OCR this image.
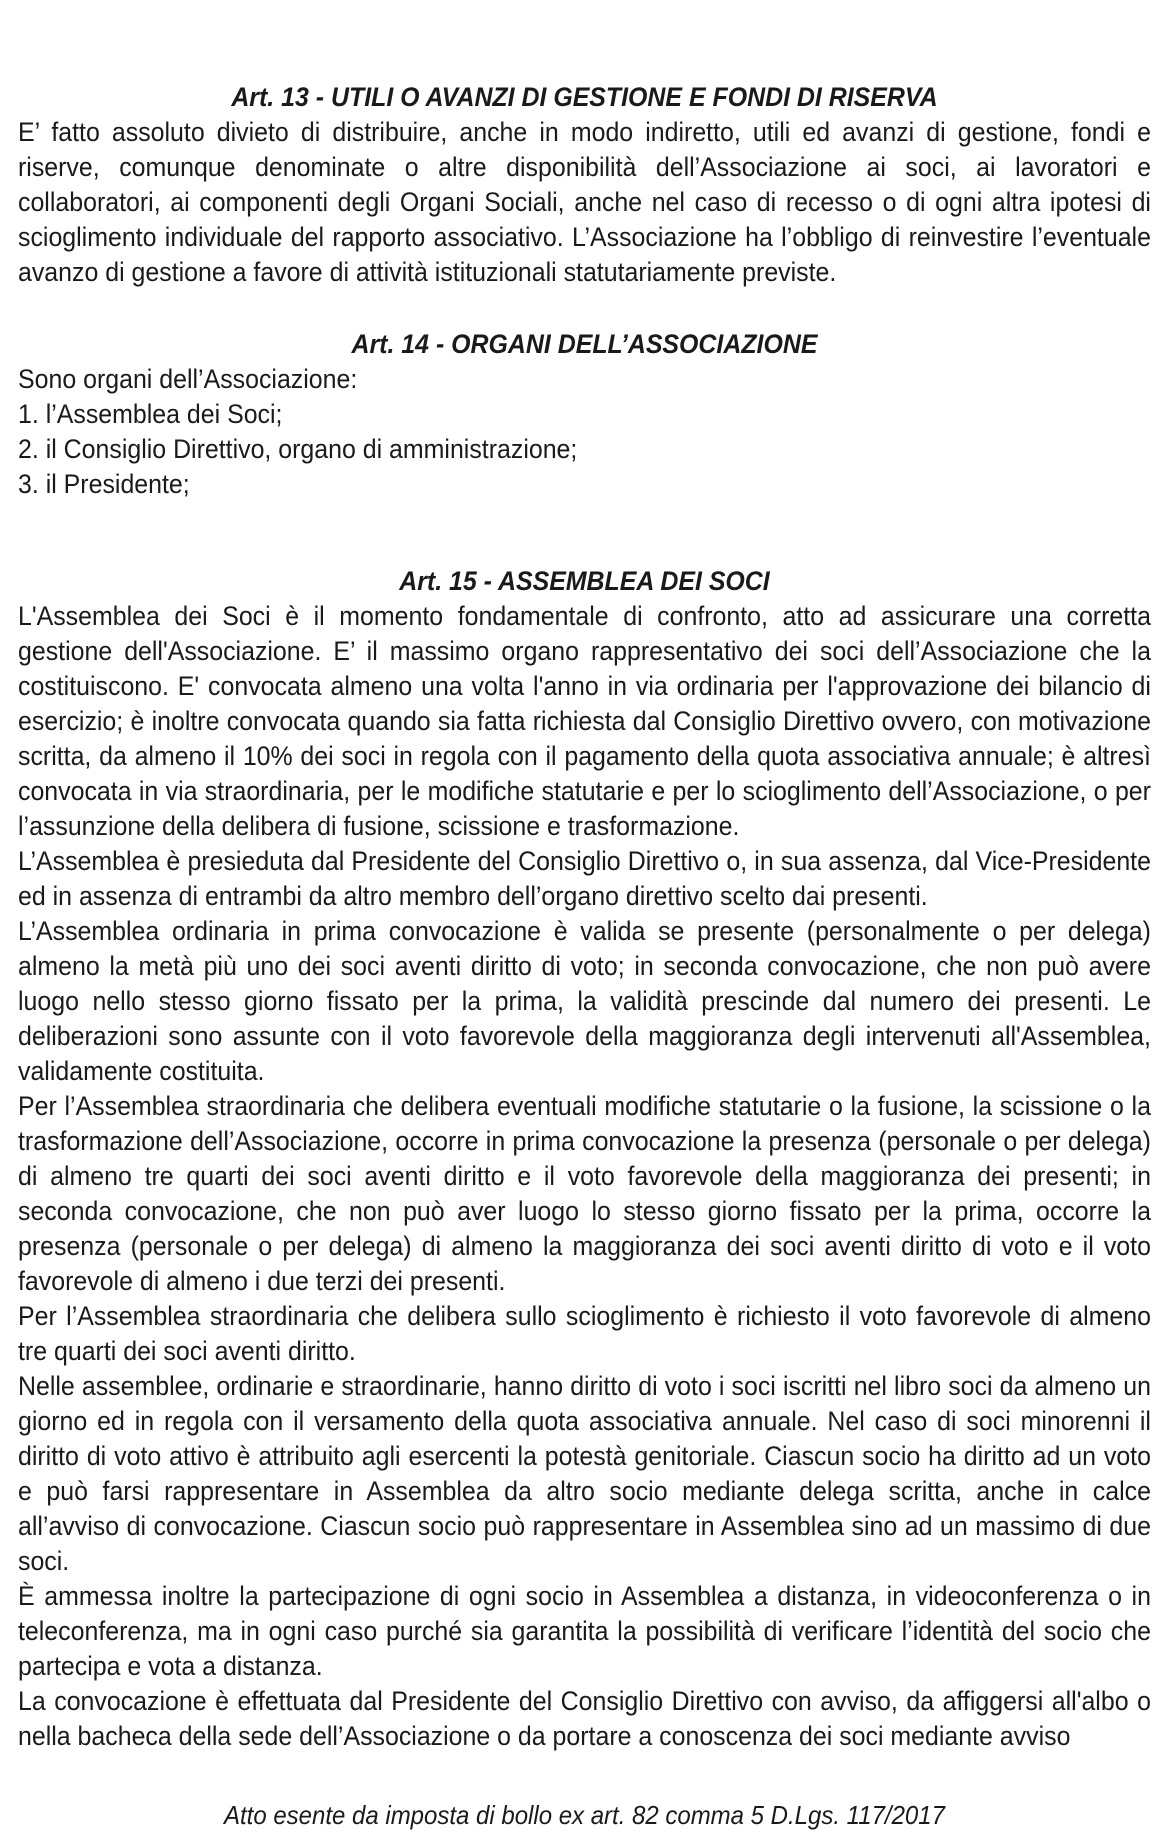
Art. 13 - UTILI O AVANZI DI GESTIONE E FONDI DI RISERVA

E’ fatto assoluto divieto di distribuire, anche in modo indiretto, utili ed avanzi di gestione, fondi e riserve, comunque denominate o altre disponibilità dell’Associazione ai soci, ai lavoratori e collaboratori, ai componenti degli Organi Sociali, anche nel caso di recesso o di ogni altra ipotesi di scioglimento individuale del rapporto associativo. L’Associazione ha l’obbligo di reinvestire l’eventuale avanzo di gestione a favore di attività istituzionali statutariamente previste.

Art. 14 - ORGANI DELL’ASSOCIAZIONE

Sono organi dell’Associazione:

1. l’Assemblea dei Soci;

2. il Consiglio Direttivo, organo di amministrazione;

3. il Presidente;

Art. 15 - ASSEMBLEA DEI SOCI

L'Assemblea dei Soci è il momento fondamentale di confronto, atto ad assicurare una corretta gestione dell'Associazione. E’ il massimo organo rappresentativo dei soci dell’Associazione che la costituiscono. E' convocata almeno una volta l'anno in via ordinaria per l'approvazione dei bilancio di esercizio; è inoltre convocata quando sia fatta richiesta dal Consiglio Direttivo ovvero, con motivazione scritta, da almeno il 10% dei soci in regola con il pagamento della quota associativa annuale; è altresì convocata in via straordinaria, per le modifiche statutarie e per lo scioglimento dell’Associazione, o per l’assunzione della delibera di fusione, scissione e trasformazione.

L’Assemblea è presieduta dal Presidente del Consiglio Direttivo o, in sua assenza, dal Vice-Presidente ed in assenza di entrambi da altro membro dell’organo direttivo scelto dai presenti.

L’Assemblea ordinaria in prima convocazione è valida se presente (personalmente o per delega) almeno la metà più uno dei soci aventi diritto di voto; in seconda convocazione, che non può avere luogo nello stesso giorno fissato per la prima, la validità prescinde dal numero dei presenti. Le deliberazioni sono assunte con il voto favorevole della maggioranza degli intervenuti all'Assemblea, validamente costituita.

Per l’Assemblea straordinaria che delibera eventuali modifiche statutarie o la fusione, la scissione o la trasformazione dell’Associazione, occorre in prima convocazione la presenza (personale o per delega) di almeno tre quarti dei soci aventi diritto e il voto favorevole della maggioranza dei presenti; in seconda convocazione, che non può aver luogo lo stesso giorno fissato per la prima, occorre la presenza (personale o per delega) di almeno la maggioranza dei soci aventi diritto di voto e il voto favorevole di almeno i due terzi dei presenti.

Per l’Assemblea straordinaria che delibera sullo scioglimento è richiesto il voto favorevole di almeno tre quarti dei soci aventi diritto.

Nelle assemblee, ordinarie e straordinarie, hanno diritto di voto i soci iscritti nel libro soci da almeno un giorno ed in regola con il versamento della quota associativa annuale. Nel caso di soci minorenni il diritto di voto attivo è attribuito agli esercenti la potestà genitoriale. Ciascun socio ha diritto ad un voto e può farsi rappresentare in Assemblea da altro socio mediante delega scritta, anche in calce all’avviso di convocazione. Ciascun socio può rappresentare in Assemblea sino ad un massimo di due soci.

È ammessa inoltre la partecipazione di ogni socio in Assemblea a distanza, in videoconferenza o in teleconferenza, ma in ogni caso purché sia garantita la possibilità di verificare l’identità del socio che partecipa e vota a distanza.

La convocazione è effettuata dal Presidente del Consiglio Direttivo con avviso, da affiggersi all'albo o nella bacheca della sede dell’Associazione o da portare a conoscenza dei soci mediante avviso

Atto esente da imposta di bollo ex art. 82 comma 5 D.Lgs. 117/2017
